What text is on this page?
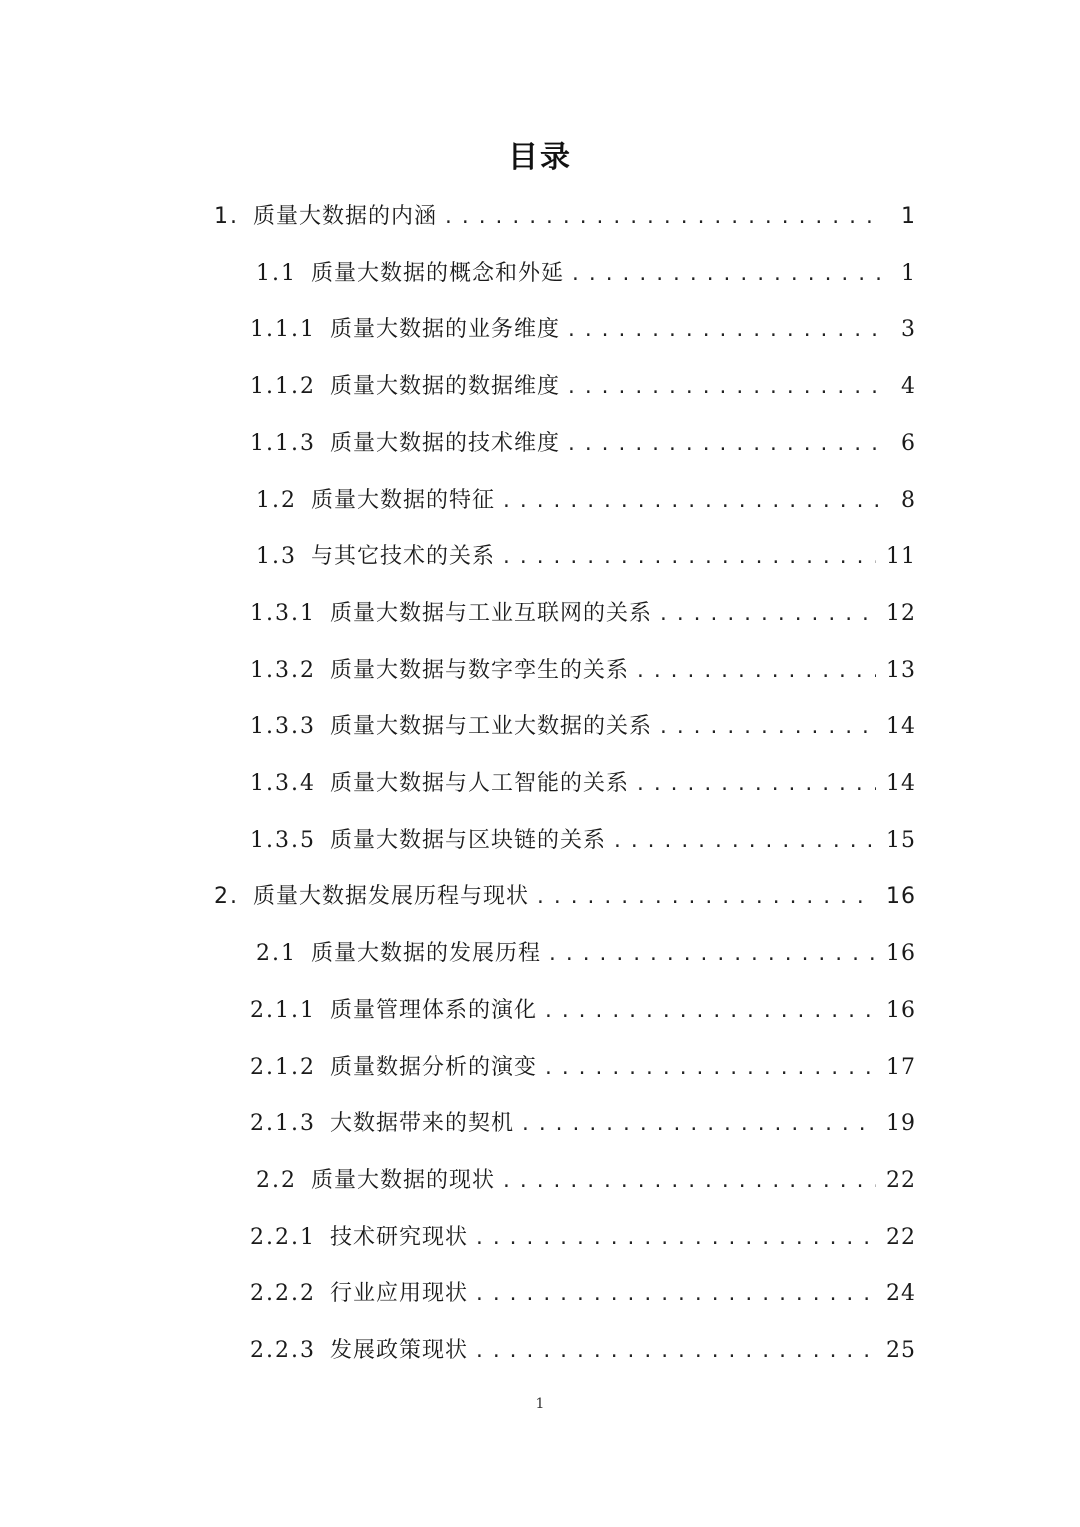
目录
1. 质量大数据的内涵 .....	1
1.1 质量大数据的概念和外延 .....	1
1.1.1 质量大数据的业务维度 .....	3
1.1.2 质量大数据的数据维度 .....	4
1.1.3 质量大数据的技术维度 .....	6
1.2 质量大数据的特征 .....	8
1.3 与其它技术的关系 .....	11
1.3.1 质量大数据与工业互联网的关系 .....	12
1.3.2 质量大数据与数字孪生的关系 .....	13
1.3.3 质量大数据与工业大数据的关系 .....	14
1.3.4 质量大数据与人工智能的关系 .....	14
1.3.5 质量大数据与区块链的关系 .....	15
2. 质量大数据发展历程与现状 .....	16
2.1 质量大数据的发展历程 .....	16
2.1.1 质量管理体系的演化 .....	16
2.1.2 质量数据分析的演变 .....	17
2.1.3 大数据带来的契机 .....	19
2.2 质量大数据的现状 .....	22
2.2.1 技术研究现状 .....	22
2.2.2 行业应用现状 .....	24
2.2.3 发展政策现状 .....	25
1
